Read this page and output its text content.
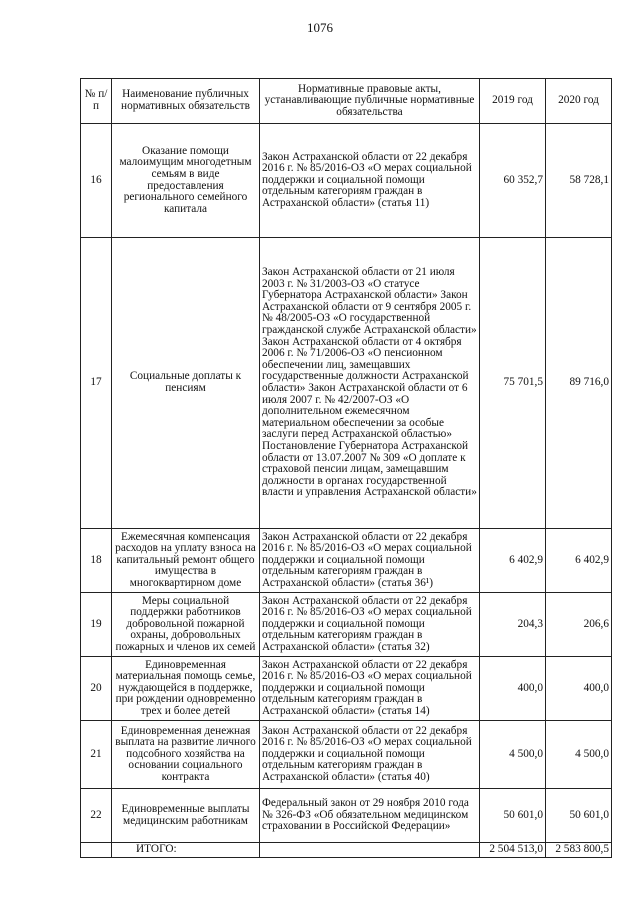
1076
№ п/п	Наименование публичных нормативных обязательств	Нормативные правовые акты, устанавливающие публичные нормативные обязательства	2019 год	2020 год
16	Оказание помощи малоимущим многодетным семьям в виде предоставления регионального семейного капитала	Закон Астраханской области от 22 декабря 2016 г. № 85/2016-ОЗ «О мерах социальной поддержки и социальной помощи отдельным категориям граждан в Астраханской области» (статья 11)	60 352,7	58 728,1
17	Социальные доплаты к пенсиям	Закон Астраханской области от 21 июля 2003 г. № 31/2003-ОЗ «О статусе Губернатора Астраханской области» Закон Астраханской области от 9 сентября 2005 г. № 48/2005-ОЗ «О государственной гражданской службе Астраханской области» Закон Астраханской области от 4 октября 2006 г. № 71/2006-ОЗ «О пенсионном обеспечении лиц, замещавших государственные должности Астраханской области» Закон Астраханской области от 6 июля 2007 г. № 42/2007-ОЗ «О дополнительном ежемесячном материальном обеспечении за особые заслуги перед Астраханской областью» Постановление Губернатора Астраханской области от 13.07.2007 № 309 «О доплате к страховой пенсии лицам, замещавшим должности в органах государственной власти и управления Астраханской области»	75 701,5	89 716,0
18	Ежемесячная компенсация расходов на уплату взноса на капитальный ремонт общего имущества в многоквартирном доме	Закон Астраханской области от 22 декабря 2016 г. № 85/2016-ОЗ «О мерах социальной поддержки и социальной помощи отдельным категориям граждан в Астраханской области» (статья 36¹)	6 402,9	6 402,9
19	Меры социальной поддержки работников добровольной пожарной охраны, добровольных пожарных и членов их семей	Закон Астраханской области от 22 декабря 2016 г. № 85/2016-ОЗ «О мерах социальной поддержки и социальной помощи отдельным категориям граждан в Астраханской области» (статья 32)	204,3	206,6
20	Единовременная материальная помощь семье, нуждающейся в поддержке, при рождении одновременно трех и более детей	Закон Астраханской области от 22 декабря 2016 г. № 85/2016-ОЗ «О мерах социальной поддержки и социальной помощи отдельным категориям граждан в Астраханской области» (статья 14)	400,0	400,0
21	Единовременная денежная выплата на развитие личного подсобного хозяйства на основании социального контракта	Закон Астраханской области от 22 декабря 2016 г. № 85/2016-ОЗ «О мерах социальной поддержки и социальной помощи отдельным категориям граждан в Астраханской области» (статья 40)	4 500,0	4 500,0
22	Единовременные выплаты медицинским работникам	Федеральный закон от 29 ноября 2010 года № 326-ФЗ «Об обязательном медицинском страховании в Российской Федерации»	50 601,0	50 601,0
	ИТОГО:		2 504 513,0	2 583 800,5
